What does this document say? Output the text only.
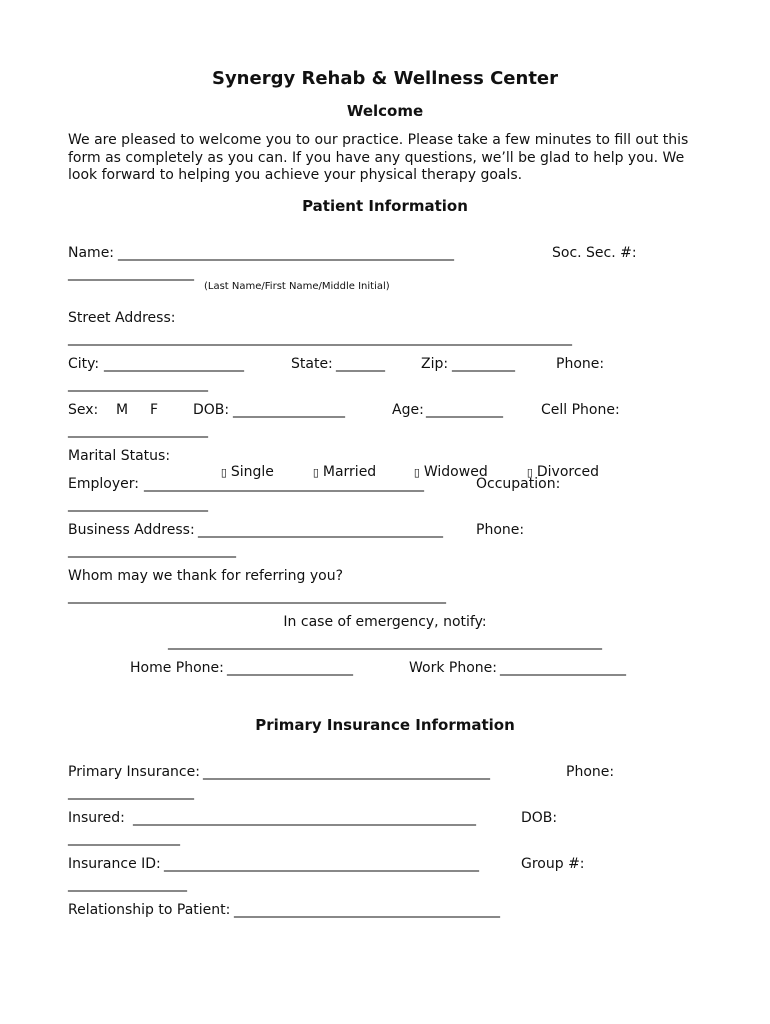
Synergy Rehab & Wellness Center
Welcome
We are pleased to welcome you to our practice. Please take a few minutes to fill out this form as completely as you can. If you have any questions, we’ll be glad to help you. We look forward to helping you achieve your physical therapy goals.
Patient Information
Name: ________________________________________________	Soc. Sec. #:
__________________
(Last Name/First Name/Middle Initial)
Street Address:
________________________________________________________________________
City: ____________________	State: _______	Zip: _________	Phone:
____________________
Sex: M F DOB: ________________	Age: ___________	Cell Phone:
____________________
Marital Status:

▯ Single
	▯ Married
	▯ Widowed
	▯ Divorced

Employer: ________________________________________	Occupation:
____________________
Business Address: ___________________________________ Phone:
________________________
Whom may we thank for referring you?
______________________________________________________
In case of emergency, notify:
______________________________________________________________
Home Phone: __________________	Work Phone: __________________
Primary Insurance Information
Primary Insurance: _________________________________________	Phone:
__________________
Insured: _________________________________________________	DOB:
________________
Insurance ID: _____________________________________________	Group #:
_________________
Relationship to Patient: ______________________________________
